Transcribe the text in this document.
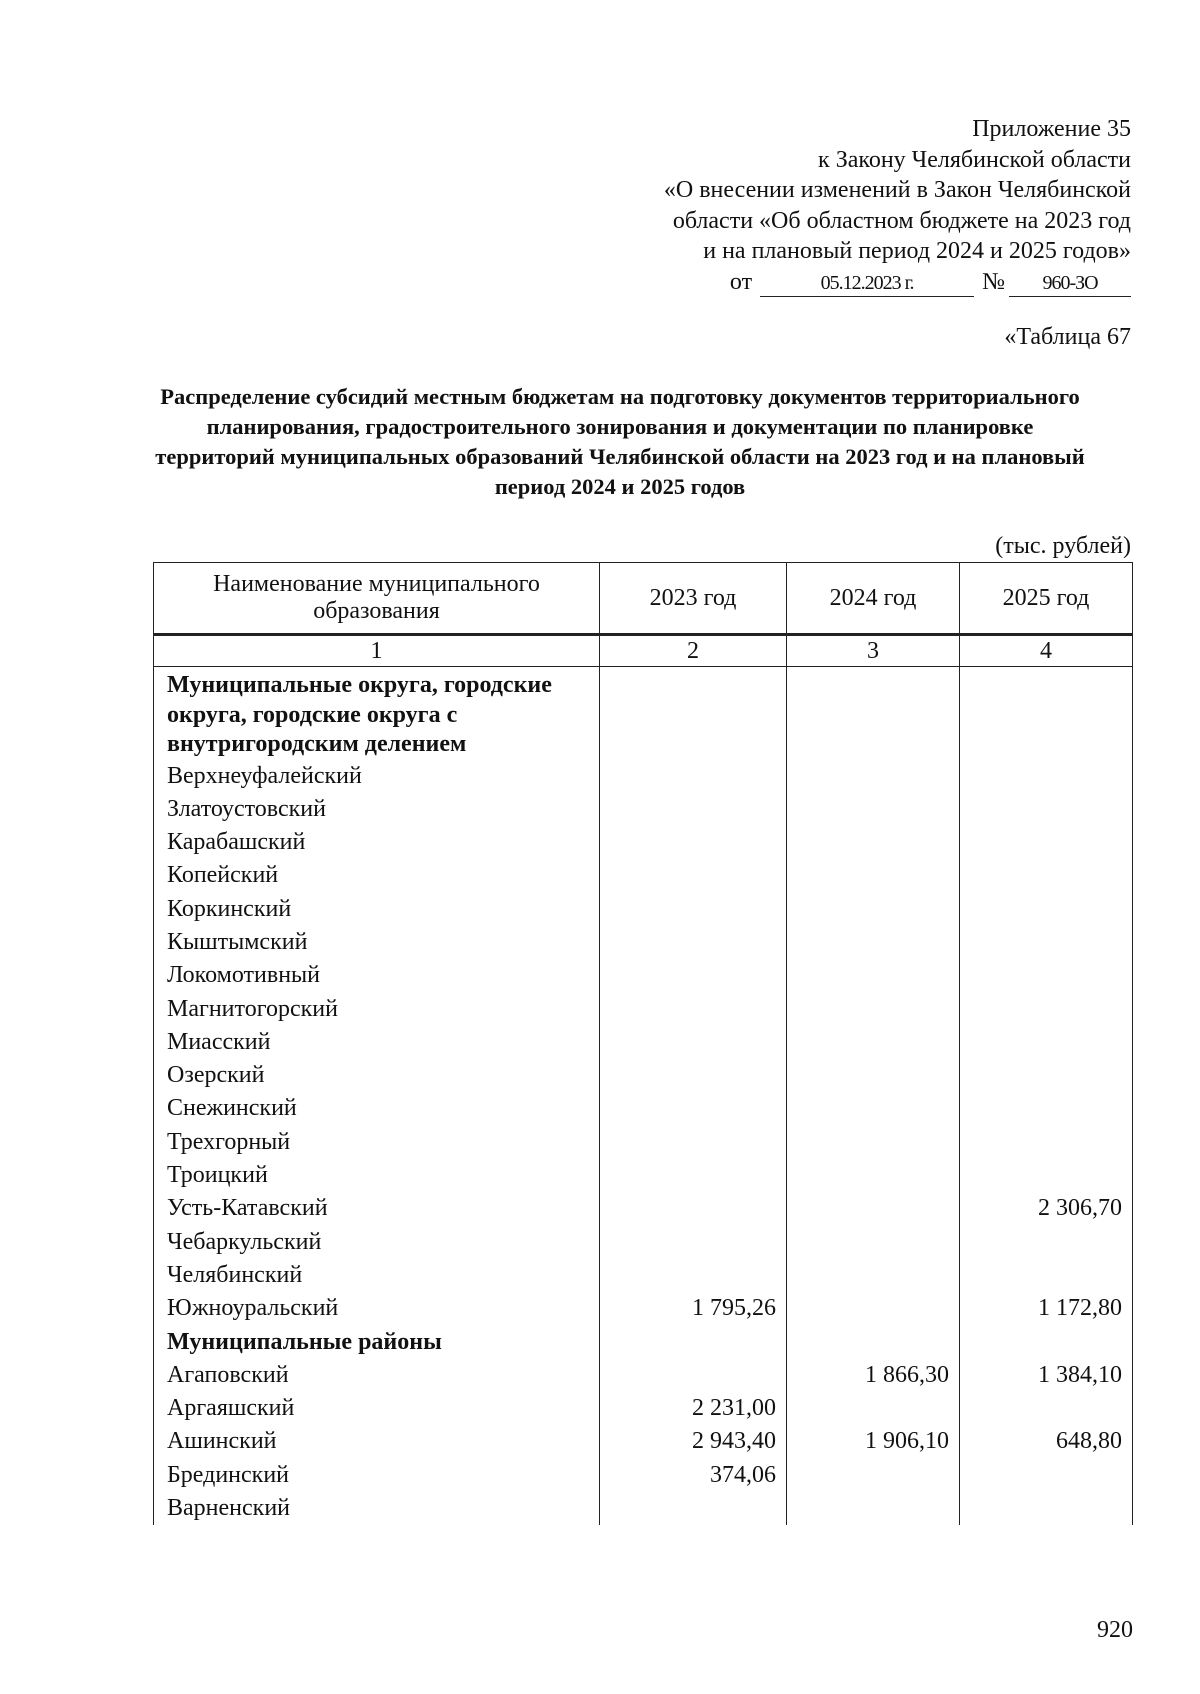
Приложение 35
к Закону Челябинской области
«О внесении изменений в Закон Челябинской
области «Об областном бюджете на 2023 год
и на плановый период 2024 и 2025 годов»
от	05.12.2023 г.	№	960-ЗО
«Таблица 67
Распределение субсидий местным бюджетам на подготовку документов территориального планирования, градостроительного зонирования и документации по планировке территорий муниципальных образований Челябинской области на 2023 год и на плановый период 2024 и 2025 годов
(тыс. рублей)
Наименование муниципального образования	2023 год	2024 год	2025 год
1	2	3	4
Муниципальные округа, городские округа, городские округа с внутригородским делением			
Верхнеуфалейский			
Златоустовский			
Карабашский			
Копейский			
Коркинский			
Кыштымский			
Локомотивный			
Магнитогорский			
Миасский			
Озерский			
Снежинский			
Трехгорный			
Троицкий			
Усть-Катавский			2 306,70
Чебаркульский			
Челябинский			
Южноуральский	1 795,26		1 172,80
Муниципальные районы			
Агаповский		1 866,30	1 384,10
Аргаяшский	2 231,00		
Ашинский	2 943,40	1 906,10	648,80
Брединский	374,06		
Варненский			
920
